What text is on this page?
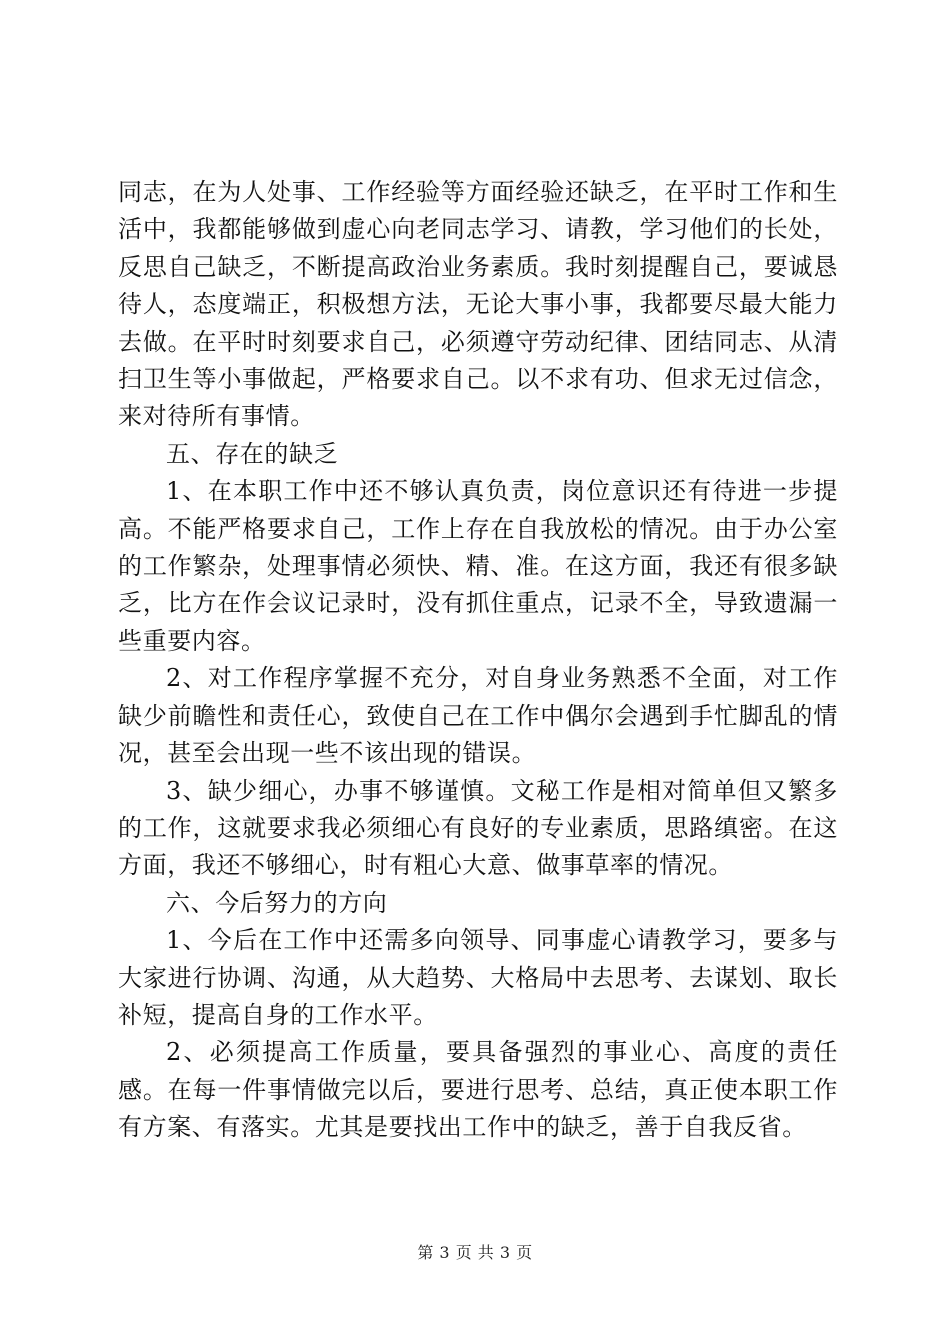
同志，在为人处事、工作经验等方面经验还缺乏，在平时工作和生活中，我都能够做到虚心向老同志学习、请教，学习他们的长处，反思自己缺乏，不断提高政治业务素质。我时刻提醒自己，要诚恳待人，态度端正，积极想方法，无论大事小事，我都要尽最大能力去做。在平时时刻要求自己，必须遵守劳动纪律、团结同志、从清扫卫生等小事做起，严格要求自己。以不求有功、但求无过信念，来对待所有事情。

五、存在的缺乏

1、在本职工作中还不够认真负责，岗位意识还有待进一步提高。不能严格要求自己，工作上存在自我放松的情况。由于办公室的工作繁杂，处理事情必须快、精、准。在这方面，我还有很多缺乏，比方在作会议记录时，没有抓住重点，记录不全，导致遗漏一些重要内容。

2、对工作程序掌握不充分，对自身业务熟悉不全面，对工作缺少前瞻性和责任心，致使自己在工作中偶尔会遇到手忙脚乱的情况，甚至会出现一些不该出现的错误。

3、缺少细心，办事不够谨慎。文秘工作是相对简单但又繁多的工作，这就要求我必须细心有良好的专业素质，思路缜密。在这方面，我还不够细心，时有粗心大意、做事草率的情况。

六、今后努力的方向

1、今后在工作中还需多向领导、同事虚心请教学习，要多与大家进行协调、沟通，从大趋势、大格局中去思考、去谋划、取长补短，提高自身的工作水平。

2、必须提高工作质量，要具备强烈的事业心、高度的责任感。在每一件事情做完以后，要进行思考、总结，真正使本职工作有方案、有落实。尤其是要找出工作中的缺乏，善于自我反省。

第 3 页 共 3 页
